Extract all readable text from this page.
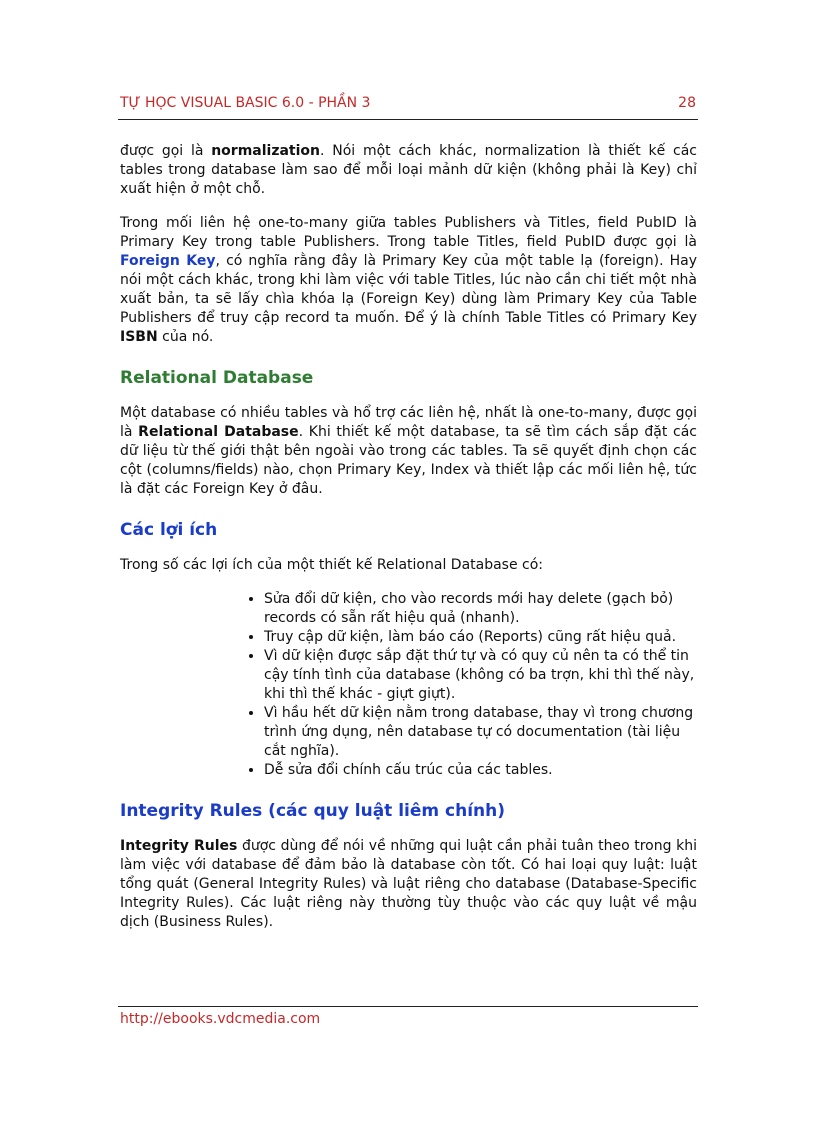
TỰ HỌC VISUAL BASIC 6.0 - PHẦN 3	28

được gọi là normalization. Nói một cách khác, normalization là thiết kế các tables trong database làm sao để mỗi loại mảnh dữ kiện (không phải là Key) chỉ xuất hiện ở một chỗ.

Trong mối liên hệ one-to-many giữa tables Publishers và Titles, field PubID là Primary Key trong table Publishers. Trong table Titles, field PubID được gọi là Foreign Key, có nghĩa rằng đây là Primary Key của một table lạ (foreign). Hay nói một cách khác, trong khi làm việc với table Titles, lúc nào cần chi tiết một nhà xuất bản, ta sẽ lấy chìa khóa lạ (Foreign Key) dùng làm Primary Key của Table Publishers để truy cập record ta muốn. Để ý là chính Table Titles có Primary Key ISBN của nó.

Relational Database

Một database có nhiều tables và hổ trợ các liên hệ, nhất là one-to-many, được gọi là Relational Database. Khi thiết kế một database, ta sẽ tìm cách sắp đặt các dữ liệu từ thế giới thật bên ngoài vào trong các tables. Ta sẽ quyết định chọn các cột (columns/fields) nào, chọn Primary Key, Index và thiết lập các mối liên hệ, tức là đặt các Foreign Key ở đâu.

Các lợi ích

Trong số các lợi ích của một thiết kế Relational Database có:

• Sửa đổi dữ kiện, cho vào records mới hay delete (gạch bỏ) records có sẵn rất hiệu quả (nhanh).
• Truy cập dữ kiện, làm báo cáo (Reports) cũng rất hiệu quả.
• Vì dữ kiện được sắp đặt thứ tự và có quy củ nên ta có thể tin cậy tính tình của database (không có ba trợn, khi thì thế này, khi thì thế khác - giựt giựt).
• Vì hầu hết dữ kiện nằm trong database, thay vì trong chương trình ứng dụng, nên database tự có documentation (tài liệu cắt nghĩa).
• Dễ sửa đổi chính cấu trúc của các tables.
Integrity Rules (các quy luật liêm chính)

Integrity Rules được dùng để nói về những qui luật cần phải tuân theo trong khi làm việc với database để đảm bảo là database còn tốt. Có hai loại quy luật: luật tổng quát (General Integrity Rules) và luật riêng cho database (Database-Specific Integrity Rules). Các luật riêng này thường tùy thuộc vào các quy luật về mậu dịch (Business Rules).

http://ebooks.vdcmedia.com
